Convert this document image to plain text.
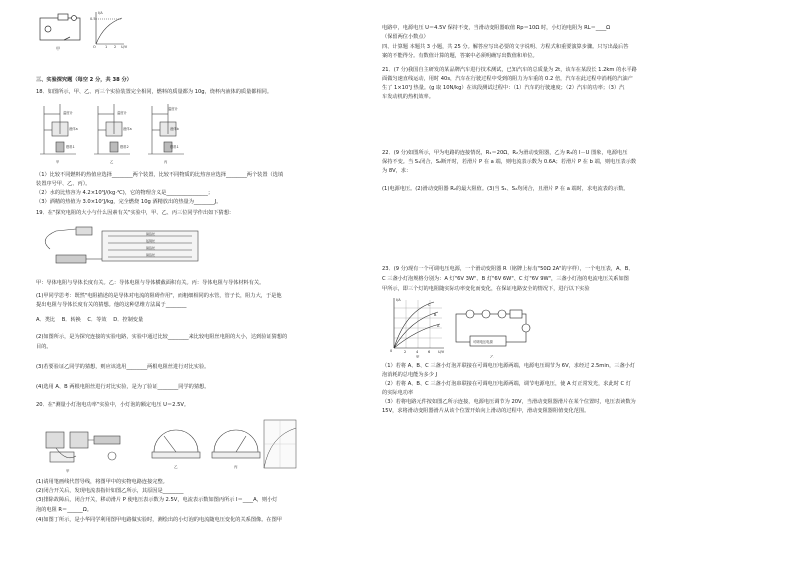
甲
I/A
0.5
O	1 2 U/V
三、实验探究题（每空 2 分，共 38 分）
18．如图所示，甲、乙、丙三个实验装置完全相同，燃料的质量都为 10g，烧杯内液体的质量都相同。
温度计
液体a
燃料1
温度计
液体a
燃料2
温度计
液体b
燃料1
甲	乙	丙
（1）比较不同燃料的热值应选择________两个装置，比较不同物质的比热容应选择________两个装置（选填
装置序号甲、乙、丙）。
（2）水的比热容为 4.2×10³J/(kg·℃)，它的物理含义是________________；
（3）酒精的热值为 3.0×10⁷J/kg，完全燃烧 10g 酒精放出的热量为________J。
19．在"探究电阻的大小与什么因素有关"实验中，甲、乙、丙三位同学作出如下猜想：
镍铬丝
锰铜丝
镍铬丝
镍铬丝
甲：导体电阻与导体长度有关。乙：导体电阻与导体横截面积有关。丙：导体电阻与导体材料有关。
(1)甲同学思考：既然"电阻描述的是导体对电流的阻碍作用"，而粗细相同的水管，管子长，阻力大，于是他
提出电阻与导体长度有关的猜想。他的这种思维方法属于________
A．类比    B．转换    C．等效    D．控制变量
(2)如图所示，是为探究连接的实验电路，实验中通过比较________来比较电阻丝电阻的大小，达到验证猜想的
目的。
(3)若要验证乙同学的猜想，则应该选用________两根电阻丝进行对比实验。
(4)选用 A、B 两根电阻丝进行对比实验，是为了验证________同学的猜想。
20．在"测量小灯泡电功率"实验中，小灯泡的额定电压 U＝2.5V。
甲
乙	丙
(1)请用笔画线代替导线，将图甲中的实物电路连接完整。
(2)闭合开关后，发现电流表指针如图乙所示，其原因是________
(3)排除故障后，闭合开关，移动滑片 P 使电压表示数为 2.5V，电流表示数如图丙所示 I＝____A，则小灯
泡的电阻 R＝______Ω。
(4)如图丁所示，是小华同学利用图甲电路做实验时，测绘出的小灯泡的电流随电压变化的关系图像。在图甲
电路中，电源电压 U＝4.5V 保持不变，当滑动变阻器取值 Rp＝10Ω 时，小灯泡电阻为 RL＝____Ω
（保留两位小数点）
四、计算题 本题共 3 小题，共 25 分。解答应写出必要的文字说明、方程式和重要演算步骤。只写出最后答
案的不能得分。有数值计算的题，答案中必须明确写出数值和单位。
21．(7 分)我国自主研发的某品牌汽车进行技术测试，已知汽车的总质量为 2t，该车在某段长 1.2km 的水平路
面做匀速直线运动，用时 40s，汽车在行驶过程中受到的阻力为车重的 0.2 倍，汽车在此过程中消耗的汽油产
生了 1×10⁷J 热量。(g 取 10N/kg）在该段测试过程中：（1）汽车的行驶速度；（2）汽车的功率；（3）汽
车发动机的热机效率。
22．(9 分)如图所示，甲为电路的连接情况，R₁＝20Ω，R₂为滑动变阻器，乙为 R₃的 I－U 图象，电源电压
保持不变。当 S₁闭合，S₂断开时，若滑片 P 在 a 端，则电流表示数为 0.6A；若滑片 P 在 b 端，则电压表示数
为 8V，求：
(1)电源电压。(2)滑动变阻器 R₂的最大阻值。(3)当 S₁、S₂均闭合，且滑片 P 在 a 端时，求电流表的示数。
23．(9 分)现有一个可调电压电源，一个滑动变阻器 R（铭牌上标有"50Ω 2A"的字样），一个电压表，A、B、
C 三盏小灯泡规格分别为：A 灯"6V 3W"、B 灯"6V 6W"、C 灯"6V 9W"，三盏小灯泡的电流电压关系如图
甲所示，即三个灯的电阻随实际功率变化而变化，在保证电路安全的情况下，进行以下实验
I/A
0	2	4	6 U/V
C
B
A
甲	乙
可调电压电源
（1）若将 A、B、C 三盏小灯泡并联接在可调电压电源两端，电源电压调节为 6V，求经过 2.5min，三盏小灯
泡消耗的总电能为多少 J
（2）若将 A、B、C 三盏小灯泡串联接在可调电压电源两端，调节电源电压，使 A 灯正常发光，求此时 C 灯
的实际电功率
（3）若将电路元件按如图乙所示连接，电源电压调节为 20V，当滑动变阻器滑片在某个位置时，电压表读数为
15V，求将滑动变阻器滑片从该个位置开始向上滑动的过程中，滑动变阻器阻值变化范围。
